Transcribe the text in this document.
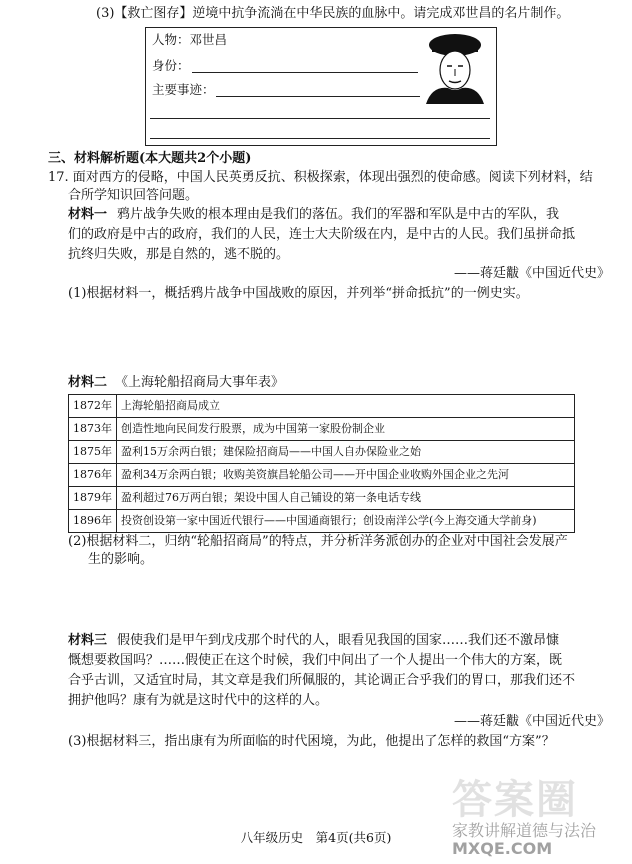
(3)【救亡图存】逆境中抗争流淌在中华民族的血脉中。请完成邓世昌的名片制作。
人物：邓世昌
身份：
主要事迹：
三、材料解析题(本大题共2个小题)
17. 面对西方的侵略，中国人民英勇反抗、积极探索，体现出强烈的使命感。阅读下列材料，结
合所学知识回答问题。
材料一 鸦片战争失败的根本理由是我们的落伍。我们的军器和军队是中古的军队，我
们的政府是中古的政府，我们的人民，连士大夫阶级在内，是中古的人民。我们虽拼命抵
抗终归失败，那是自然的，逃不脱的。
——蒋廷黻《中国近代史》
(1)根据材料一，概括鸦片战争中国战败的原因，并列举“拼命抵抗”的一例史实。
材料二 《上海轮船招商局大事年表》
1872年	上海轮船招商局成立
1873年	创造性地向民间发行股票，成为中国第一家股份制企业
1875年	盈利15万余两白银；建保险招商局——中国人自办保险业之始
1876年	盈利34万余两白银；收购美资旗昌轮船公司——开中国企业收购外国企业之先河
1879年	盈利超过76万两白银；架设中国人自己铺设的第一条电话专线
1896年	投资创设第一家中国近代银行——中国通商银行；创设南洋公学(今上海交通大学前身)
(2)根据材料二，归纳“轮船招商局”的特点，并分析洋务派创办的企业对中国社会发展产
生的影响。
材料三 假使我们是甲午到戊戌那个时代的人，眼看见我国的国家……我们还不激昂慷
慨想要救国吗？……假使正在这个时候，我们中间出了一个人提出一个伟大的方案，既
合乎古训，又适宜时局，其文章是我们所佩服的，其论调正合乎我们的胃口，那我们还不
拥护他吗？康有为就是这时代中的这样的人。
——蒋廷黻《中国近代史》
(3)根据材料三，指出康有为所面临的时代困境，为此，他提出了怎样的救国“方案”？
八年级历史　第4页(共6页)
答案圈
家教讲解道德与法治
MXQE.COM
